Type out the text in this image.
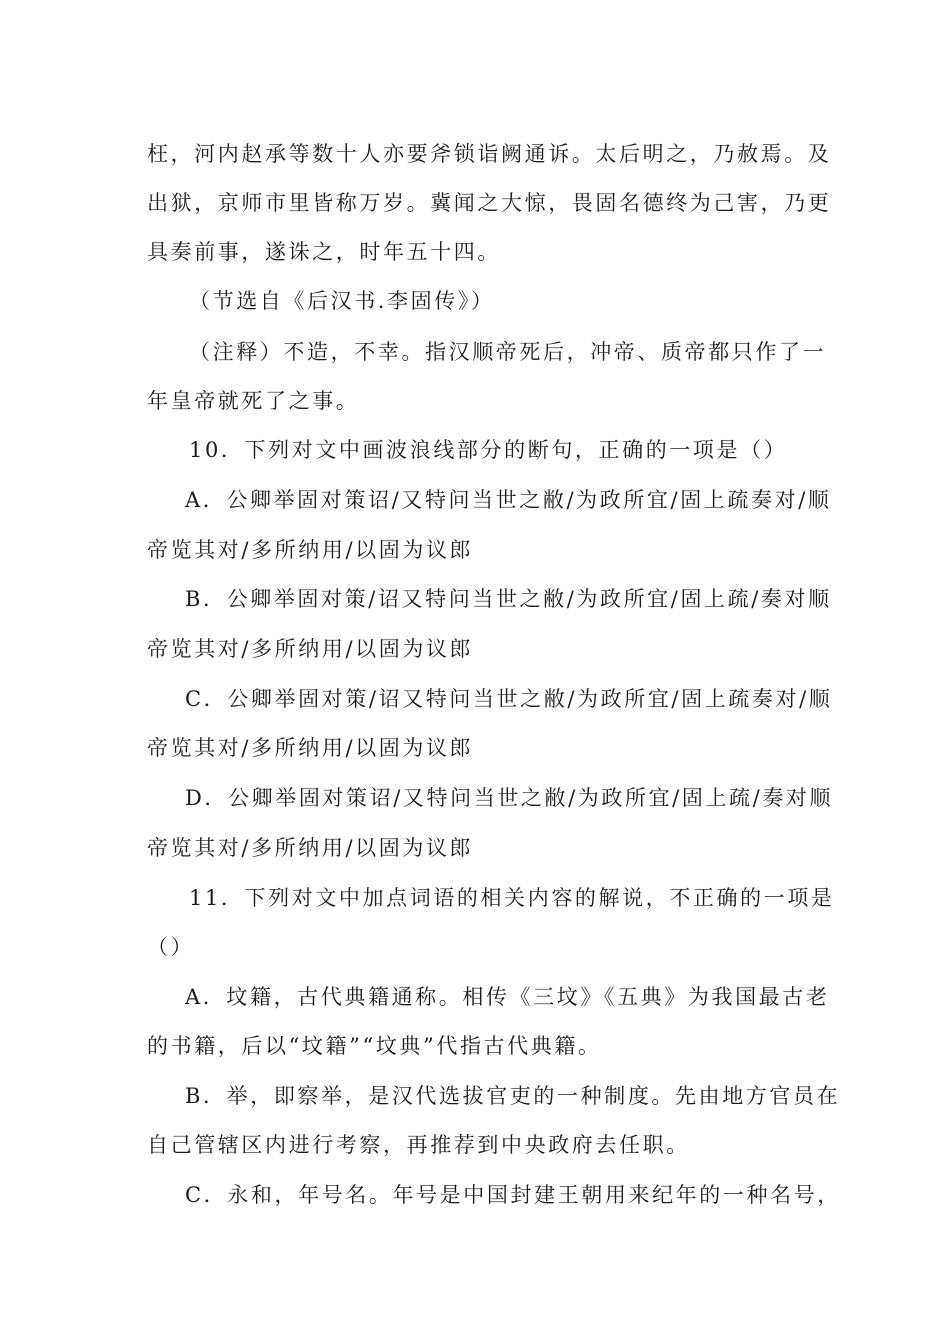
枉，河内赵承等数十人亦要斧锁诣阙通诉。太后明之，乃赦焉。及
出狱，京师市里皆称万岁。冀闻之大惊，畏固名德终为己害，乃更
具奏前事，遂诛之，时年五十四。
（节选自《后汉书.李固传》）
（注释）不造，不幸。指汉顺帝死后，冲帝、质帝都只作了一
年皇帝就死了之事。
10．下列对文中画波浪线部分的断句，正确的一项是（）
A．公卿举固对策诏/又特问当世之敝/为政所宜/固上疏奏对/顺
帝览其对/多所纳用/以固为议郎
B．公卿举固对策/诏又特问当世之敝/为政所宜/固上疏/奏对顺
帝览其对/多所纳用/以固为议郎
C．公卿举固对策/诏又特问当世之敝/为政所宜/固上疏奏对/顺
帝览其对/多所纳用/以固为议郎
D．公卿举固对策诏/又特问当世之敝/为政所宜/固上疏/奏对顺
帝览其对/多所纳用/以固为议郎
11．下列对文中加点词语的相关内容的解说，不正确的一项是
（）
A．坟籍，古代典籍通称。相传《三坟》《五典》为我国最古老
的书籍，后以“坟籍”“坟典”代指古代典籍。
B．举，即察举，是汉代选拔官吏的一种制度。先由地方官员在
自己管辖区内进行考察，再推荐到中央政府去任职。
C．永和，年号名。年号是中国封建王朝用来纪年的一种名号，
